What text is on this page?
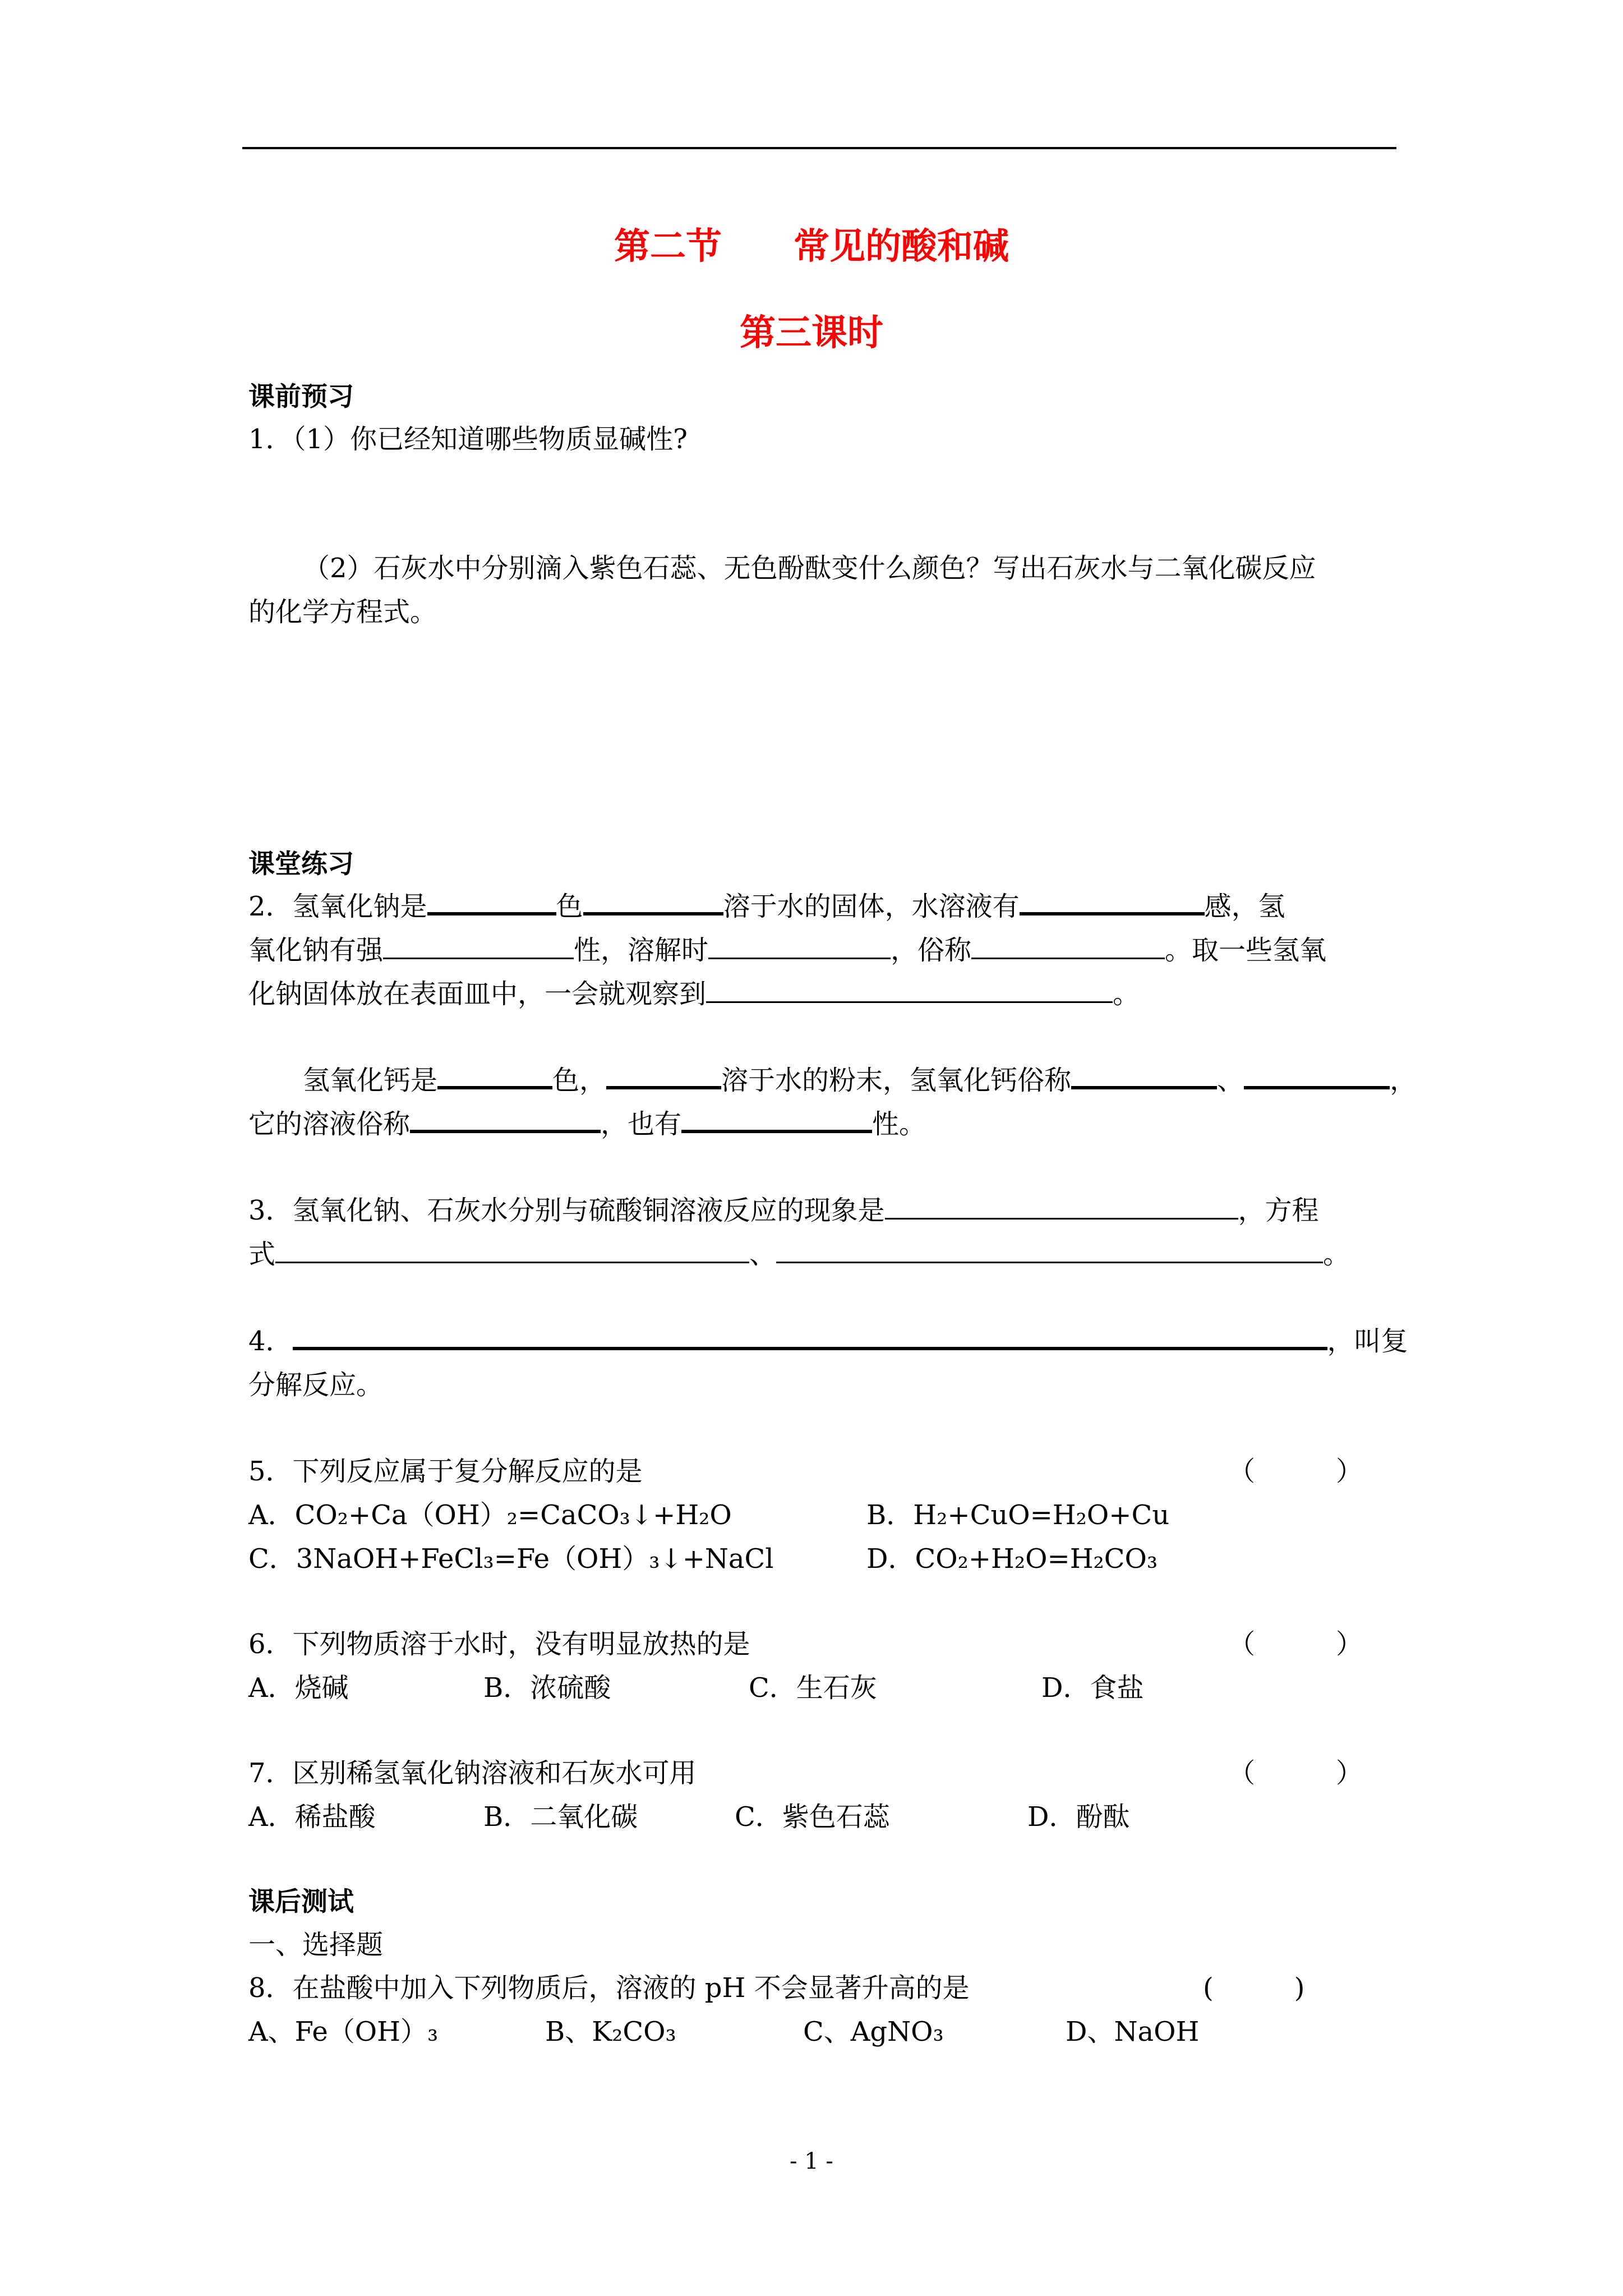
第二节　　常见的酸和碱
第三课时
课前预习
1．（1）你已经知道哪些物质显碱性?
（2）石灰水中分别滴入紫色石蕊、无色酚酞变什么颜色？写出石灰水与二氧化碳反应
的化学方程式。
课堂练习
2．氢氧化钠是	色	溶于水的固体，水溶液有	感，氢
氧化钠有强	性，溶解时	，俗称	。取一些氢氧
化钠固体放在表面皿中，一会就观察到	。
氢氧化钙是	色，	溶于水的粉末，氢氧化钙俗称	、	，
它的溶液俗称	，也有	性。
3．氢氧化钠、石灰水分别与硫酸铜溶液反应的现象是	，方程
式	、	。
4．	，叫复
分解反应。
5．下列反应属于复分解反应的是	（　　　）
A．CO₂+Ca（OH）₂=CaCO₃↓+H₂O	B．H₂+CuO=H₂O+Cu
C．3NaOH+FeCl₃=Fe（OH）₃↓+NaCl	D．CO₂+H₂O=H₂CO₃
6．下列物质溶于水时，没有明显放热的是	（　　　）
A．烧碱	B．浓硫酸	C．生石灰	D．食盐
7．区别稀氢氧化钠溶液和石灰水可用	（　　　）
A．稀盐酸	B．二氧化碳	C．紫色石蕊	D．酚酞
课后测试
一、选择题
8．在盐酸中加入下列物质后，溶液的 pH 不会显著升高的是	(　　　)
A、Fe（OH）₃	B、K₂CO₃	C、AgNO₃	D、NaOH
- 1 -
